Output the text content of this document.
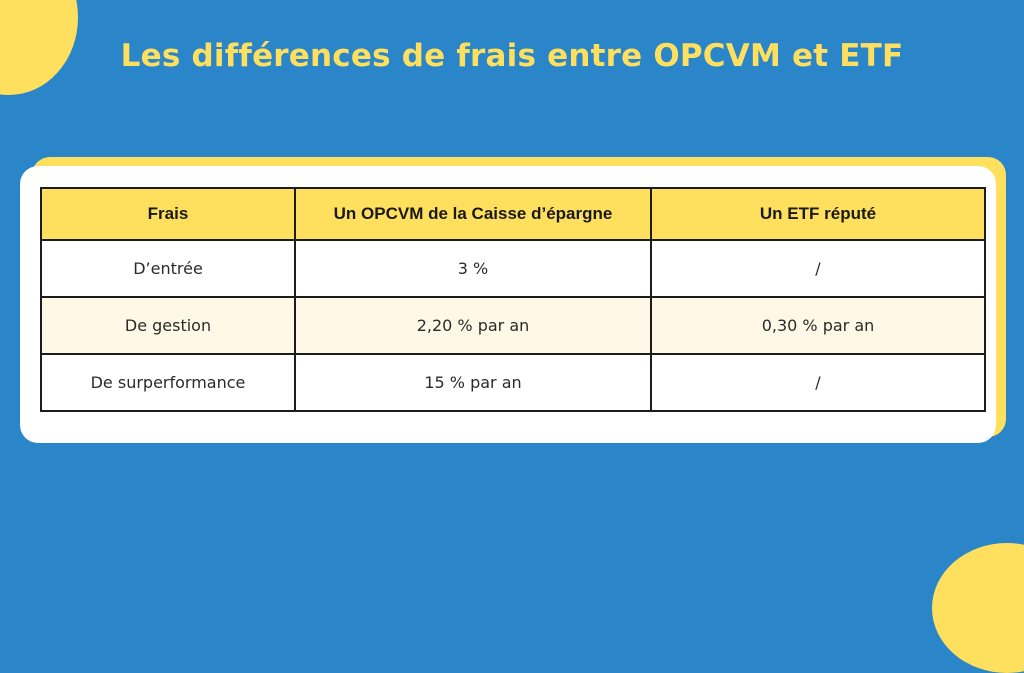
Les différences de frais entre OPCVM et ETF
Frais	Un OPCVM de la Caisse d’épargne	Un ETF réputé
D’entrée	3 %	/
De gestion	2,20 % par an	0,30 % par an
De surperformance	15 % par an	/
